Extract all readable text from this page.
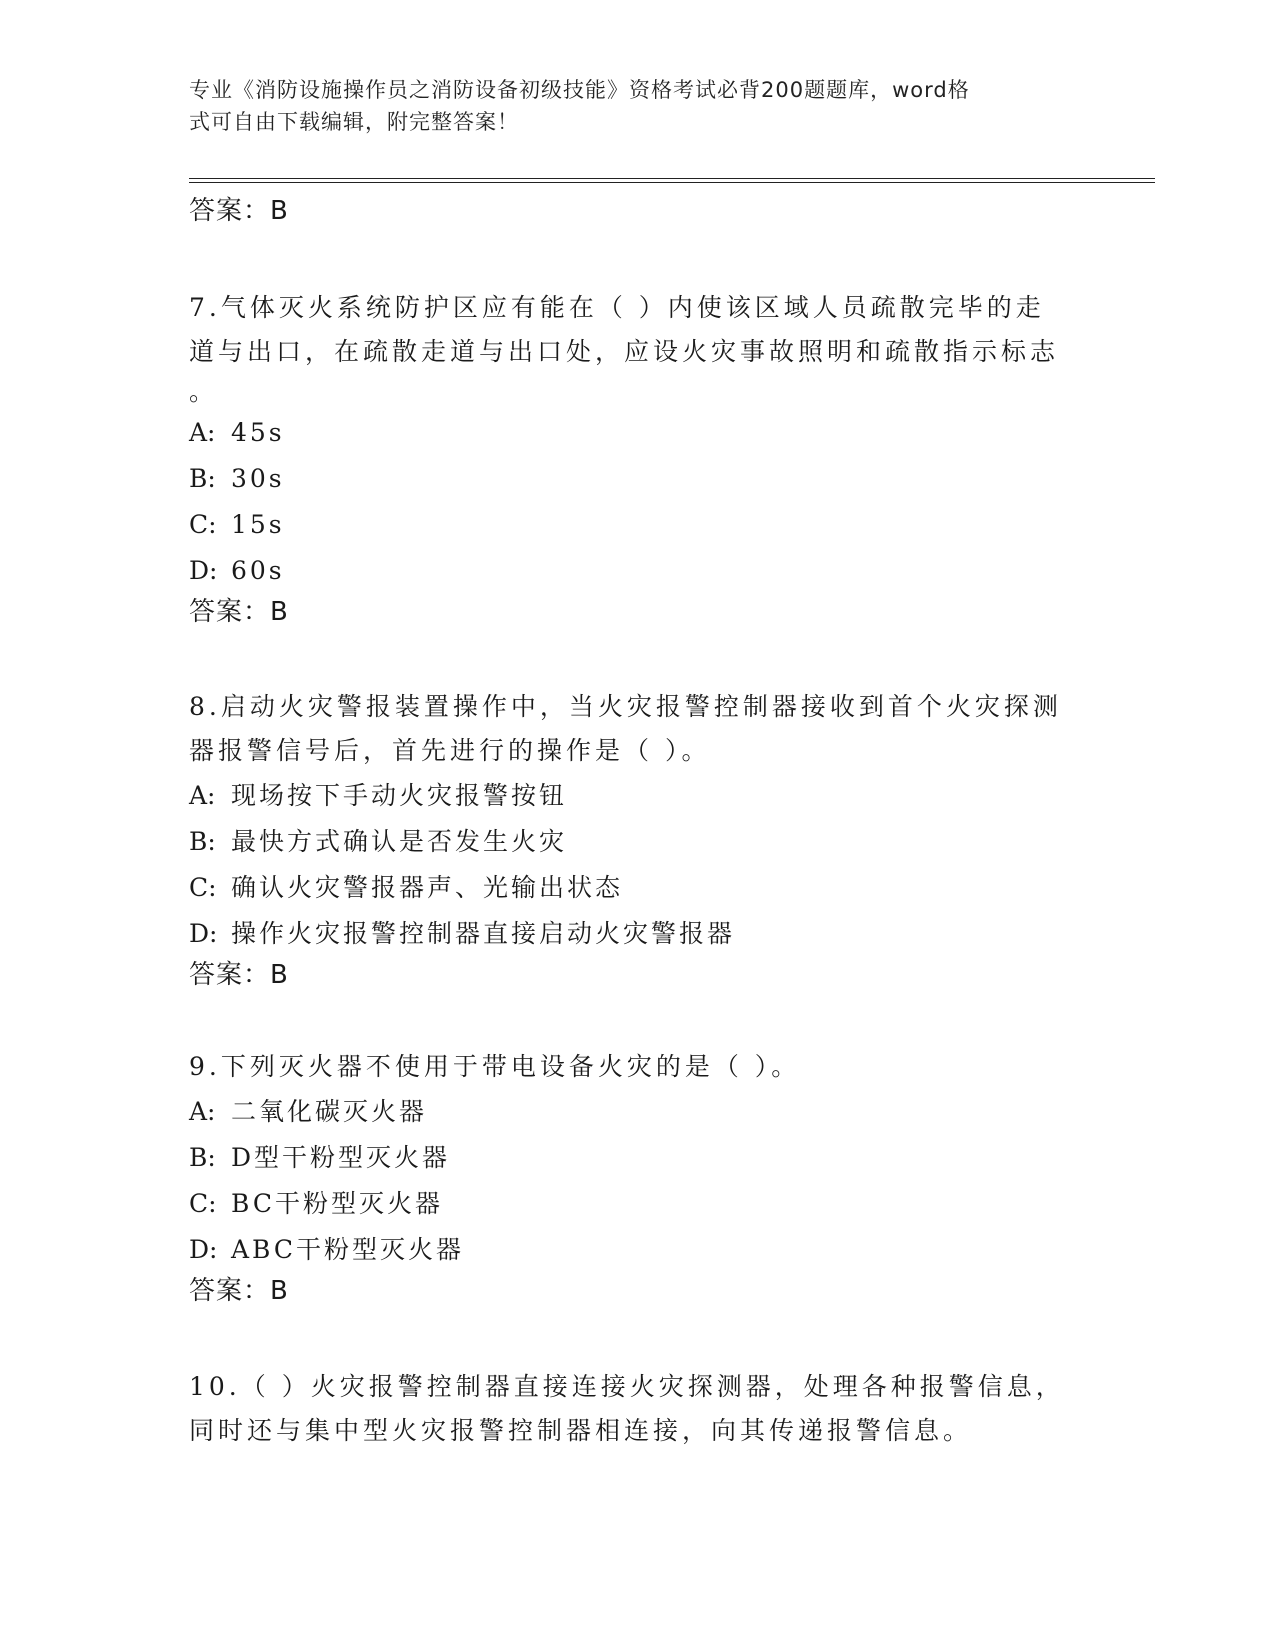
专业《消防设施操作员之消防设备初级技能》资格考试必背200题题库，word格
式可自由下载编辑，附完整答案！
答案：B
7.气体灭火系统防护区应有能在（ ）内使该区域人员疏散完毕的走
道与出口，在疏散走道与出口处，应设火灾事故照明和疏散指示标志
。
A: 45s
B: 30s
C: 15s
D: 60s
答案：B
8.启动火灾警报装置操作中，当火灾报警控制器接收到首个火灾探测
器报警信号后，首先进行的操作是（ ）。
A: 现场按下手动火灾报警按钮
B: 最快方式确认是否发生火灾
C: 确认火灾警报器声、光输出状态
D: 操作火灾报警控制器直接启动火灾警报器
答案：B
9.下列灭火器不使用于带电设备火灾的是（ ）。
A: 二氧化碳灭火器
B: D型干粉型灭火器
C: BC干粉型灭火器
D: ABC干粉型灭火器
答案：B
10.（ ）火灾报警控制器直接连接火灾探测器，处理各种报警信息，
同时还与集中型火灾报警控制器相连接，向其传递报警信息。
